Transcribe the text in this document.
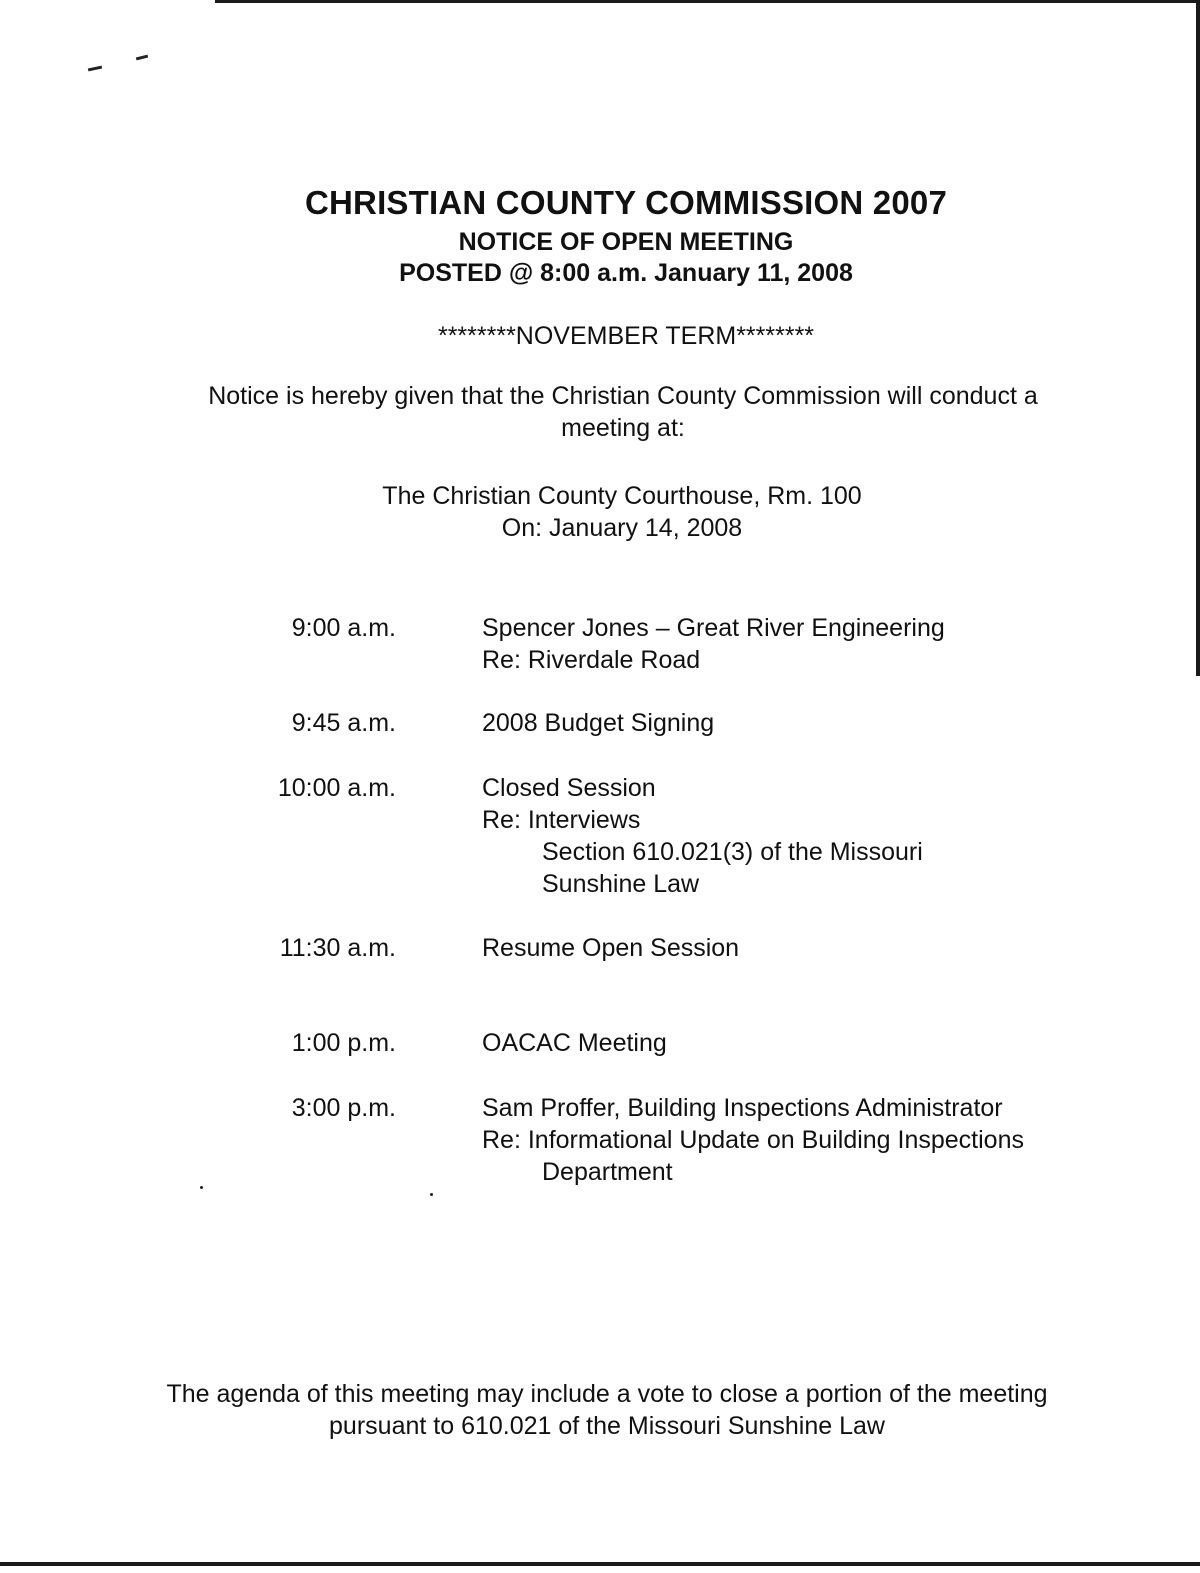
CHRISTIAN COUNTY COMMISSION 2007
NOTICE OF OPEN MEETING
POSTED @ 8:00 a.m. January 11, 2008
********NOVEMBER TERM********
Notice is hereby given that the Christian County Commission will conduct a
meeting at:
The Christian County Courthouse, Rm. 100
On: January 14, 2008
9:00 a.m.	Spencer Jones – Great River Engineering
Re: Riverdale Road
9:45 a.m.	2008 Budget Signing
10:00 a.m.	Closed Session
Re: Interviews
Section 610.021(3) of the Missouri
Sunshine Law
11:30 a.m.	Resume Open Session
1:00 p.m.	OACAC Meeting
3:00 p.m.	Sam Proffer, Building Inspections Administrator
Re: Informational Update on Building Inspections
Department
The agenda of this meeting may include a vote to close a portion of the meeting
pursuant to 610.021 of the Missouri Sunshine Law
